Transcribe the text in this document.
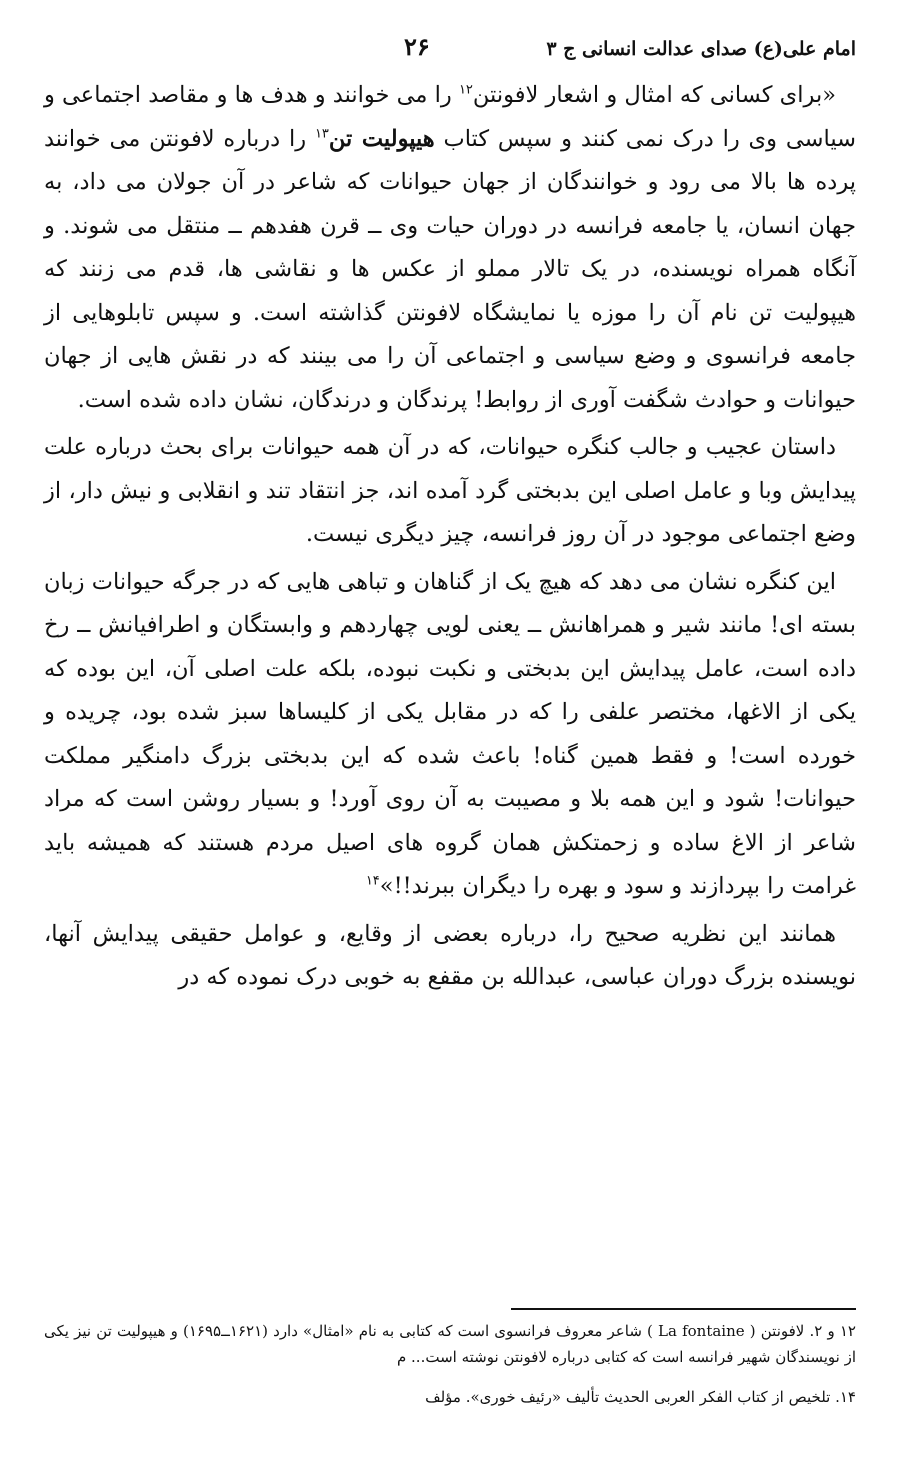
امام علی(ع) صدای عدالت انسانی ج ۳
۲۶

«برای کسانی که امثال و اشعار لافونتن$^{۱۲}$ را می خوانند و هدف ها و مقاصد اجتماعی و سیاسی وی را درک نمی کنند و سپس کتاب هیپولیت تن$^{۱۳}$ را درباره لافونتن می خوانند پرده ها بالا می رود و خوانندگان از جهان حیوانات که شاعر در آن جولان می داد، به جهان انسان، یا جامعه فرانسه در دوران حیات وی ــ قرن هفدهم ــ منتقل می شوند. و آنگاه همراه نویسنده، در یک تالار مملو از عکس ها و نقاشی ها، قدم می زنند که هیپولیت تن نام آن را موزه یا نمایشگاه لافونتن گذاشته است. و سپس تابلوهایی از جامعه فرانسوی و وضع سیاسی و اجتماعی آن را می بینند که در نقش هایی از جهان حیوانات و حوادث شگفت آوری از روابط! پرندگان و درندگان، نشان داده شده است.

داستان عجیب و جالب کنگره حیوانات، که در آن همه حیوانات برای بحث درباره علت پیدایش وبا و عامل اصلی این بدبختی گرد آمده اند، جز انتقاد تند و انقلابی و نیش دار، از وضع اجتماعی موجود در آن روز فرانسه، چیز دیگری نیست.

این کنگره نشان می دهد که هیچ یک از گناهان و تباهی هایی که در جرگه حیوانات زبان بسته ای! مانند شیر و همراهانش ــ یعنی لویی چهاردهم و وابستگان و اطرافیانش ــ رخ داده است، عامل پیدایش این بدبختی و نکبت نبوده، بلکه علت اصلی آن، این بوده که یکی از الاغها، مختصر علفی را که در مقابل یکی از کلیساها سبز شده بود، چریده و خورده است! و فقط همین گناه! باعث شده که این بدبختی بزرگ دامنگیر مملکت حیوانات! شود و این همه بلا و مصیبت به آن روی آورد! و بسیار روشن است که مراد شاعر از الاغ ساده و زحمتکش همان گروه های اصیل مردم هستند که همیشه باید غرامت را بپردازند و سود و بهره را دیگران ببرند!!»$^{۱۴}$

همانند این نظریه صحیح را، درباره بعضی از وقایع، و عوامل حقیقی پیدایش آنها، نویسنده بزرگ دوران عباسی، عبدالله بن مقفع به خوبی درک نموده که در

۱۲ و ۲. لافونتن ( La fontaine ) شاعر معروف فرانسوی است که کتابی به نام «امثال» دارد (۱۶۲۱ــ۱۶۹۵) و هیپولیت تن نیز یکی از نویسندگان شهیر فرانسه است که کتابی درباره لافونتن نوشته است... م

۱۴. تلخیص از کتاب الفکر العربی الحدیث تألیف «رئیف خوری». مؤلف
